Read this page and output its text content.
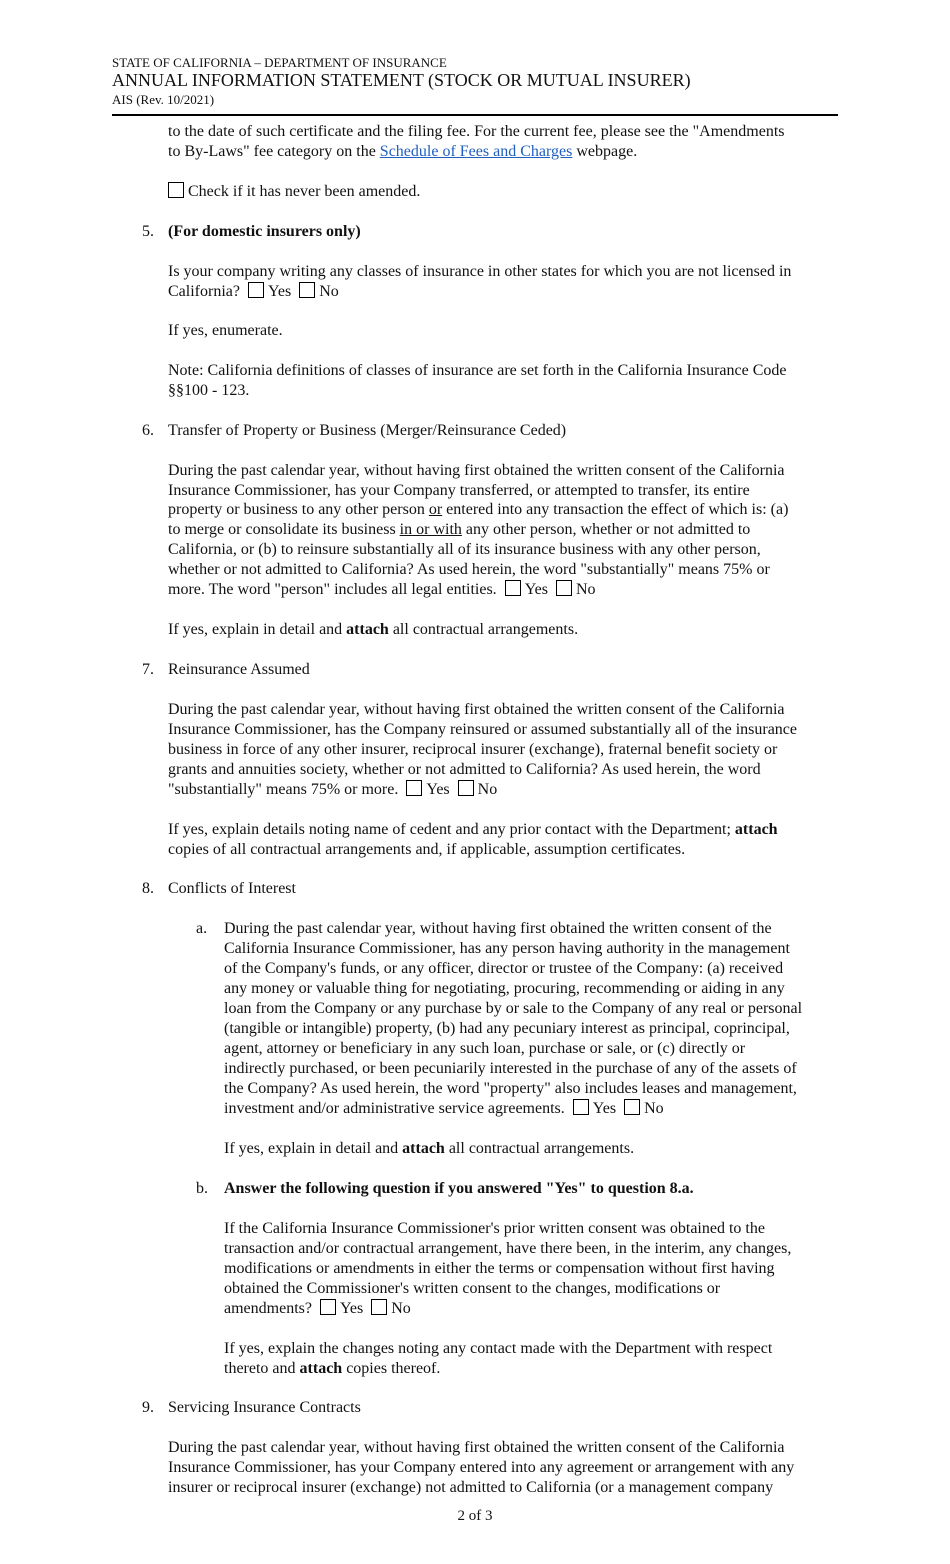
STATE OF CALIFORNIA – DEPARTMENT OF INSURANCE
ANNUAL INFORMATION STATEMENT (STOCK OR MUTUAL INSURER)
AIS (Rev. 10/2021)
to the date of such certificate and the filing fee. For the current fee, please see the "Amendments
to By-Laws" fee category on the Schedule of Fees and Charges webpage.
Check if it has never been amended.
5. (For domestic insurers only)
Is your company writing any classes of insurance in other states for which you are not licensed in
California? Yes No
If yes, enumerate.
Note: California definitions of classes of insurance are set forth in the California Insurance Code
§§100 - 123.
6. Transfer of Property or Business (Merger/Reinsurance Ceded)
During the past calendar year, without having first obtained the written consent of the California
Insurance Commissioner, has your Company transferred, or attempted to transfer, its entire
property or business to any other person or entered into any transaction the effect of which is: (a)
to merge or consolidate its business in or with any other person, whether or not admitted to
California, or (b) to reinsure substantially all of its insurance business with any other person,
whether or not admitted to California? As used herein, the word "substantially" means 75% or
more. The word "person" includes all legal entities. Yes No
If yes, explain in detail and attach all contractual arrangements.
7. Reinsurance Assumed
During the past calendar year, without having first obtained the written consent of the California
Insurance Commissioner, has the Company reinsured or assumed substantially all of the insurance
business in force of any other insurer, reciprocal insurer (exchange), fraternal benefit society or
grants and annuities society, whether or not admitted to California? As used herein, the word
"substantially" means 75% or more. Yes No
If yes, explain details noting name of cedent and any prior contact with the Department; attach
copies of all contractual arrangements and, if applicable, assumption certificates.
8. Conflicts of Interest
a. During the past calendar year, without having first obtained the written consent of the
California Insurance Commissioner, has any person having authority in the management
of the Company's funds, or any officer, director or trustee of the Company: (a) received
any money or valuable thing for negotiating, procuring, recommending or aiding in any
loan from the Company or any purchase by or sale to the Company of any real or personal
(tangible or intangible) property, (b) had any pecuniary interest as principal, coprincipal,
agent, attorney or beneficiary in any such loan, purchase or sale, or (c) directly or
indirectly purchased, or been pecuniarily interested in the purchase of any of the assets of
the Company? As used herein, the word "property" also includes leases and management,
investment and/or administrative service agreements. Yes No
If yes, explain in detail and attach all contractual arrangements.
b. Answer the following question if you answered "Yes" to question 8.a.
If the California Insurance Commissioner's prior written consent was obtained to the
transaction and/or contractual arrangement, have there been, in the interim, any changes,
modifications or amendments in either the terms or compensation without first having
obtained the Commissioner's written consent to the changes, modifications or
amendments? Yes No
If yes, explain the changes noting any contact made with the Department with respect
thereto and attach copies thereof.
9. Servicing Insurance Contracts
During the past calendar year, without having first obtained the written consent of the California
Insurance Commissioner, has your Company entered into any agreement or arrangement with any
insurer or reciprocal insurer (exchange) not admitted to California (or a management company
2 of 3
